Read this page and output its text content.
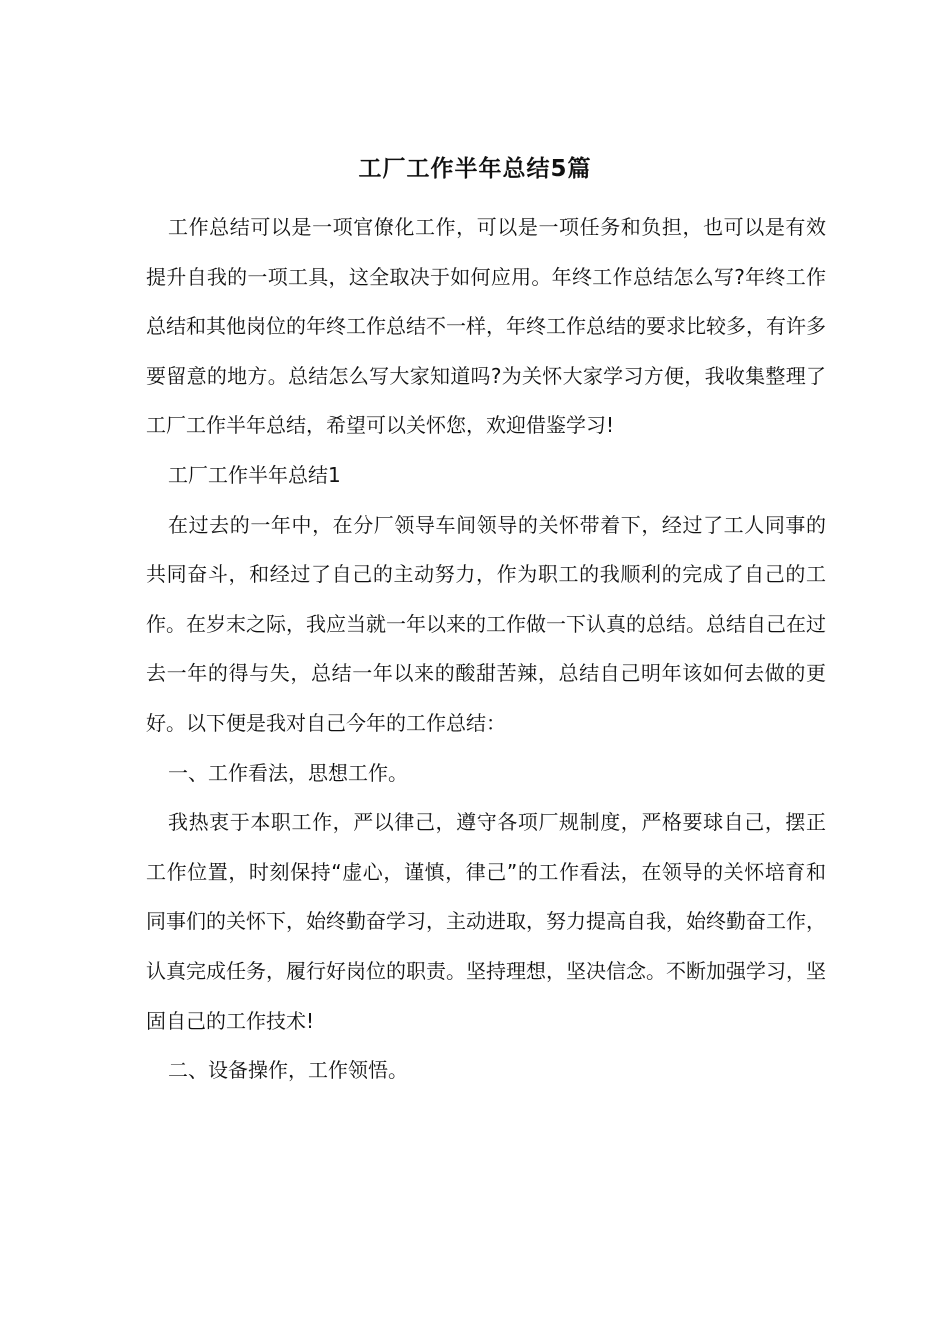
工厂工作半年总结5篇

工作总结可以是一项官僚化工作，可以是一项任务和负担，也可以是有效提升自我的一项工具，这全取决于如何应用。年终工作总结怎么写?年终工作总结和其他岗位的年终工作总结不一样，年终工作总结的要求比较多，有许多要留意的地方。总结怎么写大家知道吗?为关怀大家学习方便，我收集整理了工厂工作半年总结，希望可以关怀您，欢迎借鉴学习!

工厂工作半年总结1

在过去的一年中，在分厂领导车间领导的关怀带着下，经过了工人同事的共同奋斗，和经过了自己的主动努力，作为职工的我顺利的完成了自己的工作。在岁末之际，我应当就一年以来的工作做一下认真的总结。总结自己在过去一年的得与失，总结一年以来的酸甜苦辣，总结自己明年该如何去做的更好。以下便是我对自己今年的工作总结：

一、工作看法，思想工作。

我热衷于本职工作，严以律己，遵守各项厂规制度，严格要球自己，摆正工作位置，时刻保持“虚心，谨慎，律己”的工作看法，在领导的关怀培育和同事们的关怀下，始终勤奋学习，主动进取，努力提高自我，始终勤奋工作，认真完成任务，履行好岗位的职责。坚持理想，坚决信念。不断加强学习，坚固自己的工作技术!

二、设备操作，工作领悟。
